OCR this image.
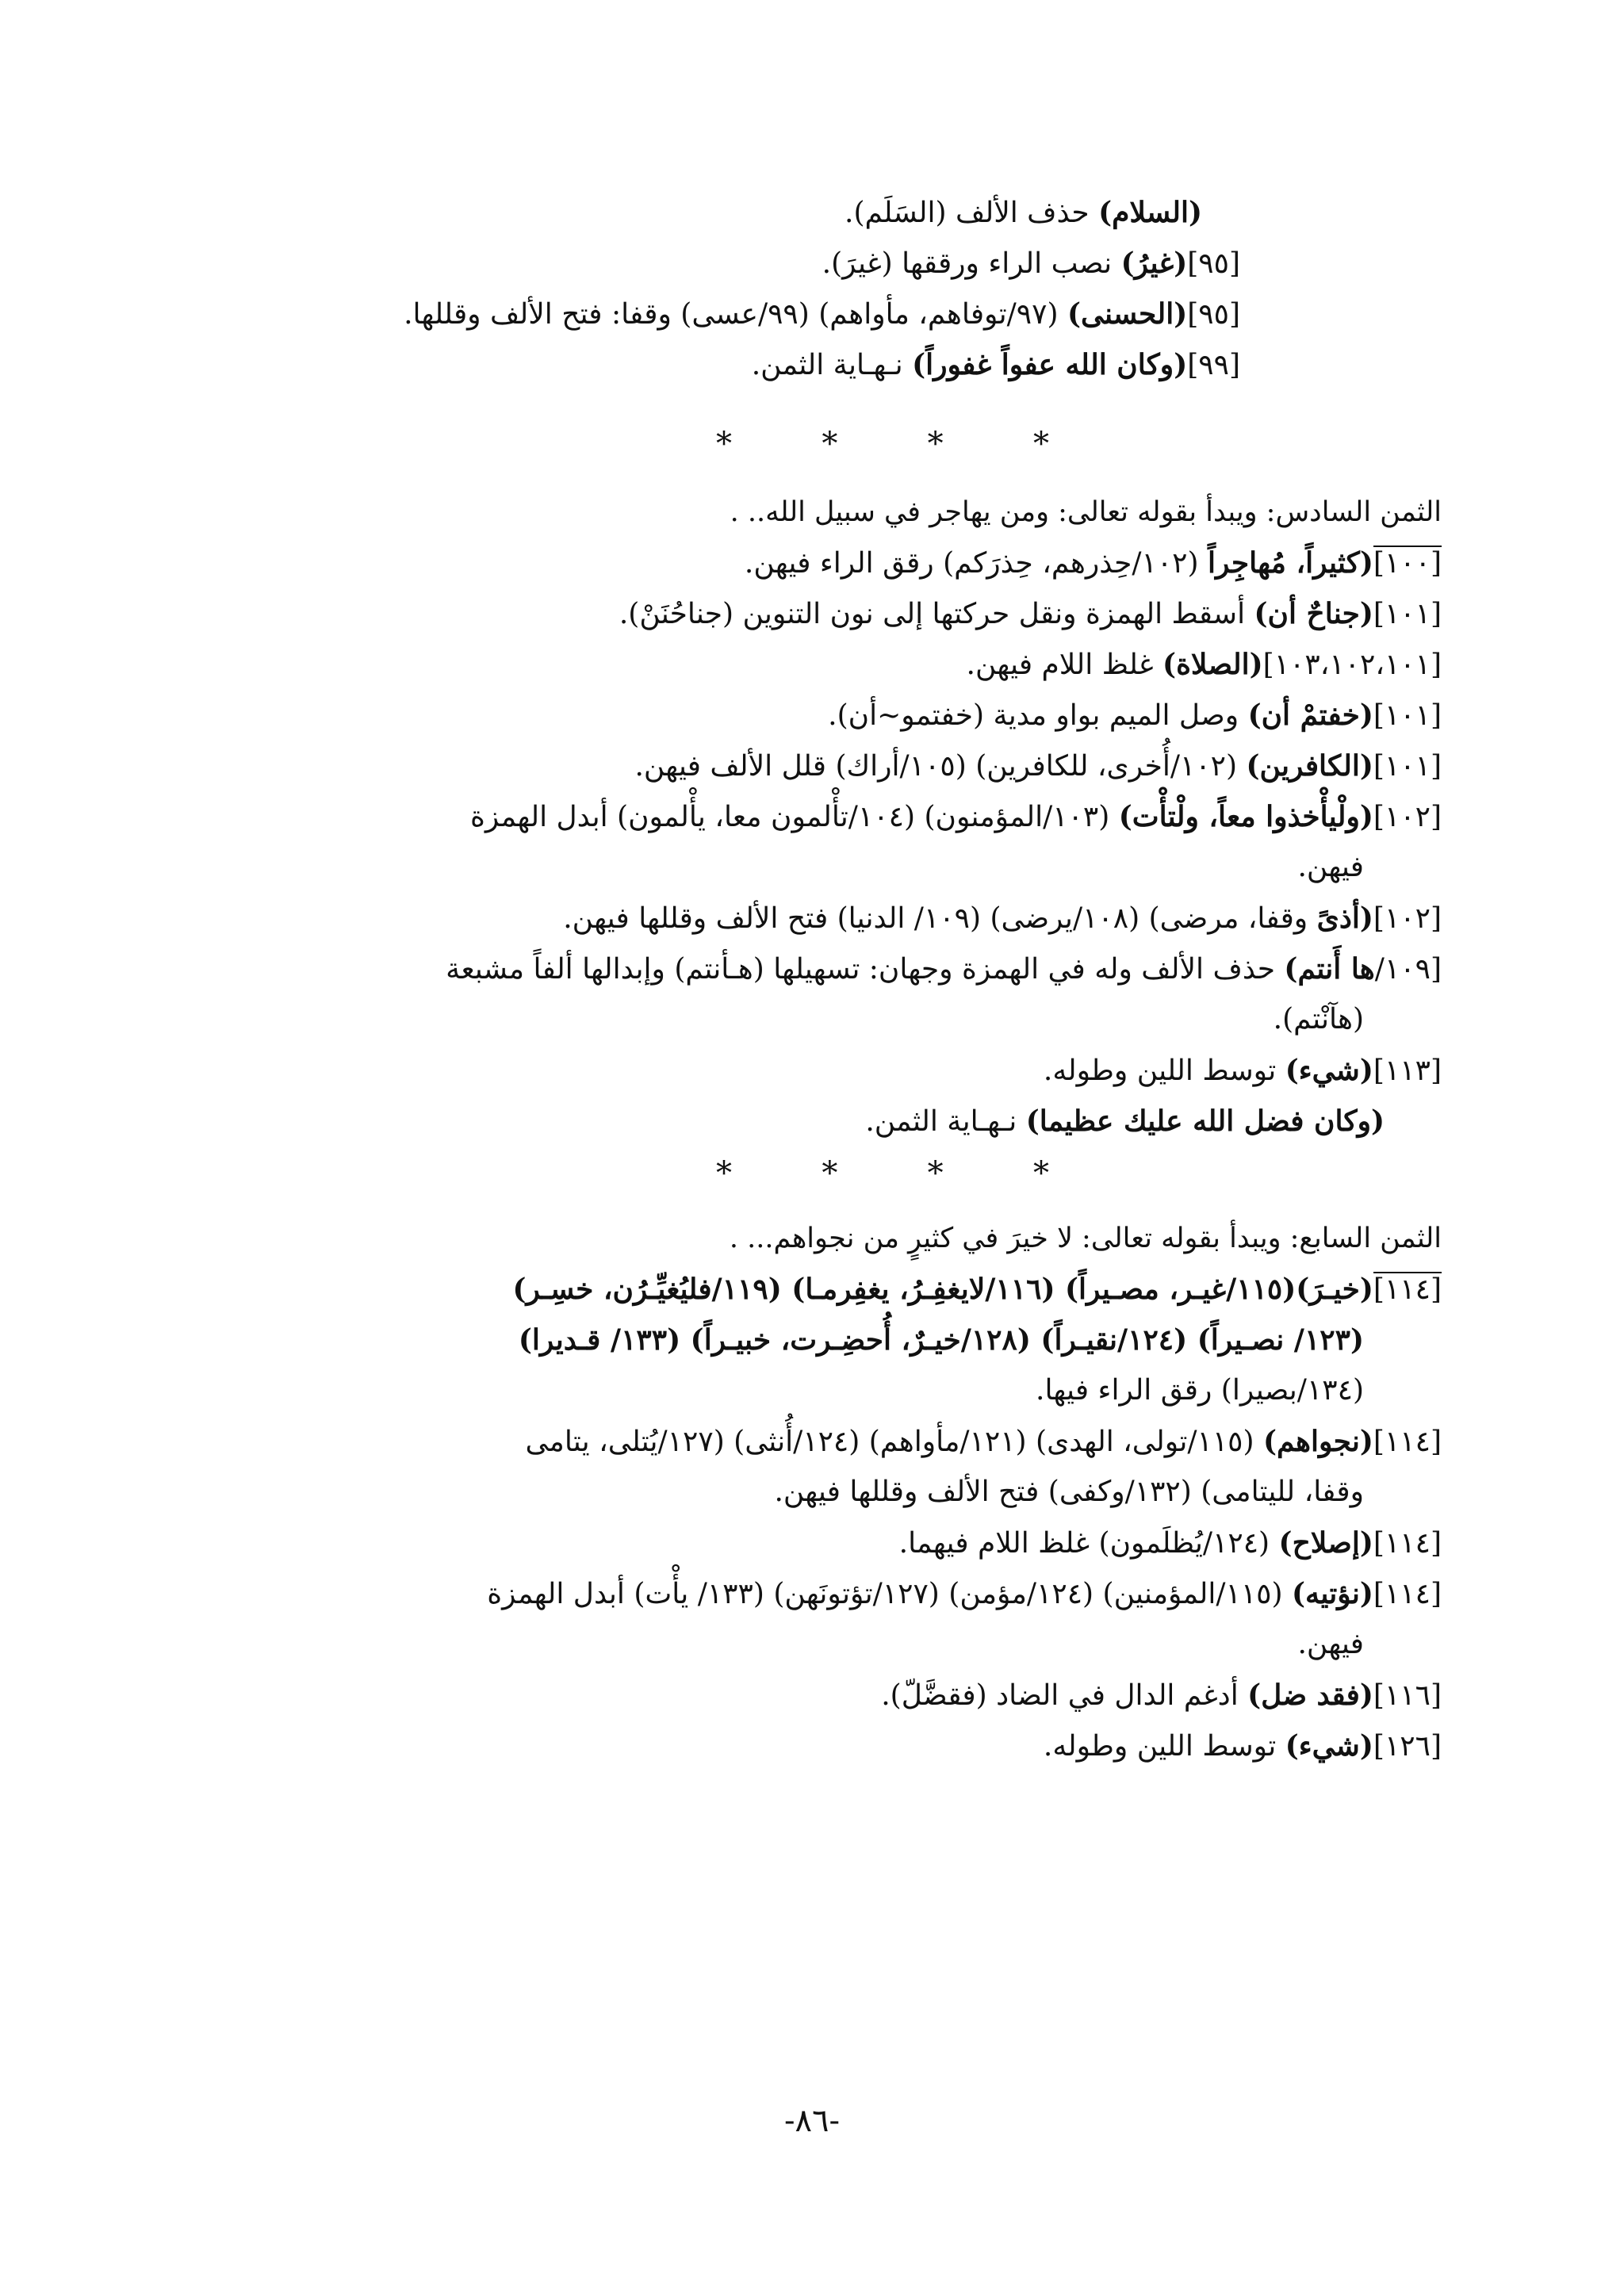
(السلام) حذف الألف (السَلَم).
[٩٥](غيرُ) نصب الراء ورققها (غيرَ).
[٩٥](الحسنى) (٩٧/توفاهم، مأواهم) (٩٩/عسى) وقفا: فتح الألف وقللها.
[٩٩](وكان الله عفواً غفوراً) نـهـاية الثمن.
*
*
*
*
الثمن السادس: ويبدأ بقوله تعالى: ومن يهاجر في سبيل الله.. .
[١٠٠](كثيراً، مُهاجِراً (١٠٢/حِذرهم، حِذرَكم) رقق الراء فيهن.
[١٠١](جناحٌ أن) أسقط الهمزة ونقل حركتها إلى نون التنوين (جناحُنَنْ).
[١٠٣،١٠٢،١٠١](الصلاة) غلظ اللام فيهن.
[١٠١](خفتمْ أن) وصل الميم بواو مدية (خفتمو~أن).
[١٠١](الكافرين) (١٠٢/أُخرى، للكافرين) (١٠٥/أراك) قلل الألف فيهن.
[١٠٢](ولْيأْخذوا معاً، ولْتأْت) (١٠٣/المؤمنون) (١٠٤/تأْلمون معا، يأْلمون) أبدل الهمزة
فيهن.
[١٠٢](أذىً وقفا، مرضى) (١٠٨/يرضى) (١٠٩/ الدنيا) فتح الألف وقللها فيهن.
[١٠٩/ها أَنتم) حذف الألف وله في الهمزة وجهان: تسهيلها (هـأنتم) وإبدالها ألفاً مشبعة
(هآنْتم).
[١١٣](شيء) توسط اللين وطوله.
(وكان فضل الله عليك عظيما) نـهـاية الثمن.
*
*
*
*
الثمن السابع: ويبدأ بقوله تعالى: لا خيرَ في كثيرٍ من نجواهم... .
[١١٤](خيـرَ)(١١٥/غيـر، مصـيراً) (١١٦/لايغفِـرُ، يغفِرمـا) (١١٩/فليُغيِّـرُن، خسِـر)
(١٢٣/ نصـيراً) (١٢٤/نقيـراً) (١٢٨/خيـرٌ، أُحضِـرت، خبيـراً) (١٣٣/ قـديرا)
(١٣٤/بصيرا) رقق الراء فيها.
[١١٤](نجواهم) (١١٥/تولى، الهدى) (١٢١/مأواهم) (١٢٤/أُنثى) (١٢٧/يُتلى، يتامى
وقفا، لليتامى) (١٣٢/وكفى) فتح الألف وقللها فيهن.
[١١٤](إصلاح) (١٢٤/يُظلَمون) غلظ اللام فيهما.
[١١٤](نؤتيه) (١١٥/المؤمنين) (١٢٤/مؤمن) (١٢٧/تؤتونَهن) (١٣٣/ يأْت) أبدل الهمزة
فيهن.
[١١٦](فقد ضل) أدغم الدال في الضاد (فقضَّلّ).
[١٢٦](شيء) توسط اللين وطوله.
-٨٦-
